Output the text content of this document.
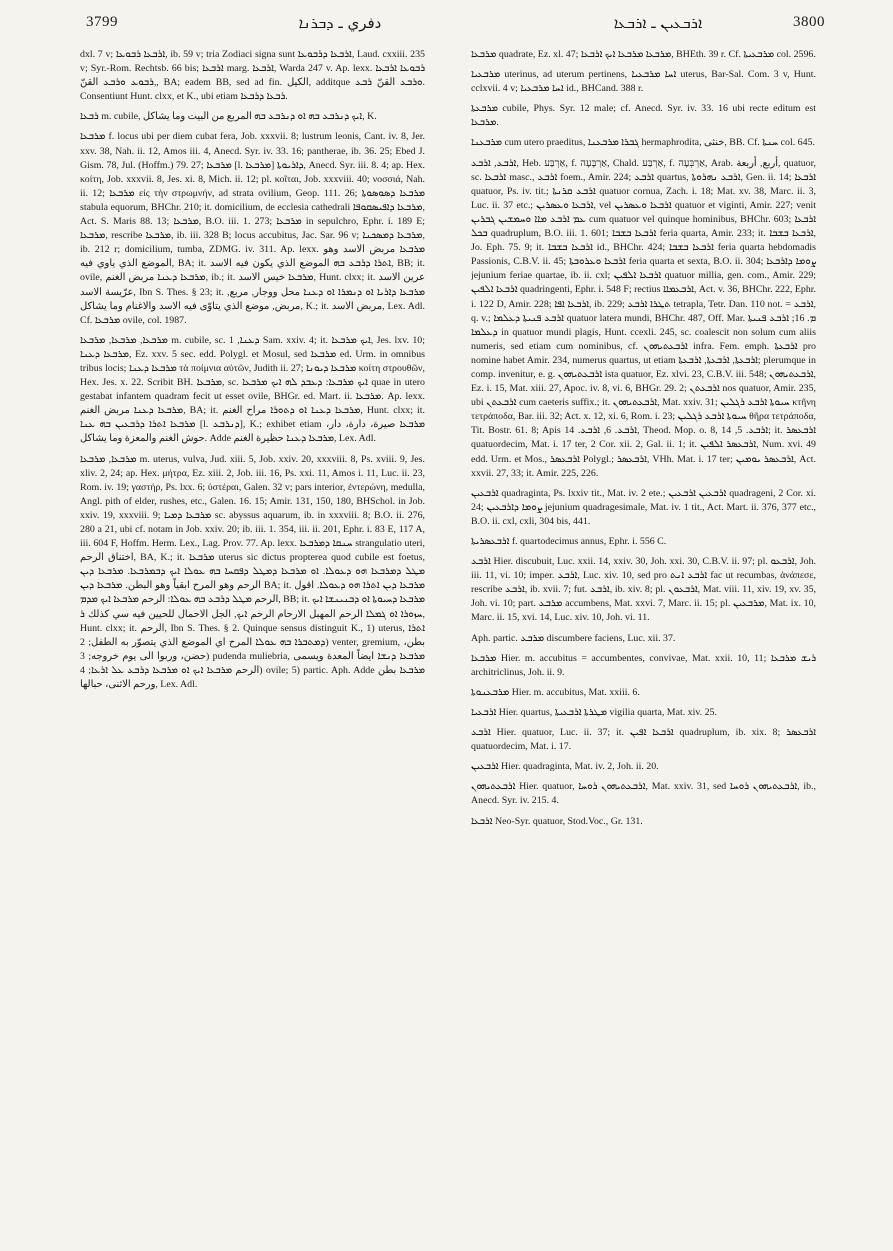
3799	دفري ـ ܕܒܪܢܐ	ܐܪܒܥܝܢ ـ ܐܪܒܥܐ	3800

dxl. 7 v; ܐܪܒܥܐ ܪܒܘܥܐ, ib. 59 v; tria Zodiaci signa sunt ܐܪܒܥܐ ܕܪܒܘܥܐ, Laud. cxxiii. 235 v; Syr.-Rom. Rechtsb. 66 bis; ܐܪܒܥܐ marg. ܐܪܒܥܐ, Warda 247 v. Ap. lexx. ܪܒܘܥܐ ܐܪܒܥܐ ,ܪܒܘܥ ܘܪܒܥ القنّ, BA; eadem BB, sed ad fin. الكيل, additque ܘܪܒܥ القنّ ܪܒܥ. Consentiunt Hunt. clxx, et K., ubi etiam ܪܒܥܐ ܕܪܒܥܐ.

ܪܒܥܐ m. cubile, ܐܝܟ ܕܢܪܒܥ ܒܗ ܐܘ ܕܢܪܒܥ ܒܗ المربع من البيت وما يشاكل, K.

ܡܪܒܥܐ f. locus ubi per diem cubat fera, Job. xxxvii. 8; lustrum leonis, Cant. iv. 8, Jer. xxv. 38, Nah. ii. 12, Amos iii. 4, Anecd. Syr. iv. 33. 16; pantherae, ib. 36. 25; Ebed J. Gism. 78, Jul. (Hoffm.) 79. 27; ܡܪܒܥܐ [l. ܡܪܒܥܐ] ܕܐܪܝܘܬܐ, Anecd. Syr. iii. 8. 4; ap. Hex. κοίτη, Job. xxxvii. 8, Jes. xi. 8, Mich. ii. 12; pl. κοῖται, Job. xxxviii. 40; νοσσιά, Nah. ii. 12; ܡܪܒܥܐ εἰς τὴν στρωμνήν, ad strata ovilium, Geop. 111. 26; ܡܪܒܥܐ ܕܣܘܣܘܬܐ stabula equorum, BHChr. 210; it. domicilium, de ecclesia cathedrali ܡܪܒܥܐ ܕܐܦܝܣܩܘܦܐ, Act. S. Maris 88. 13; ܡܪܒܥܐ, B.O. iii. 1. 273; ܡܪܒܥܐ in sepulchro, Ephr. i. 189 E; ܡܪܒܥܐ, rescribe ܡܪܒܥܐ, ib. iii. 328 B; locus accubitus, Jac. Sar. 96 v; ܡܪܒܥܐ ܕܡܣܟܢܐ, ib. 212 r; domicilium, tumba, ZDMG. iv. 311. Ap. lexx. ܡܪܒܥܐ مربض الاسد وهو الموضع الذي ياوي فيه, BA; it. ܐܬܪܐ ܕܪܒܥ ܒܗ الموضع الذي يكون فيه الاسد, BB; it. ovile, ܡܪܒܥܐ ܕܥܢܐ مربض الغنم, ib.; it. ܡܪܒܥܐ خيس الاسد, Hunt. clxx; it. عرين الاسد عرّيسة الاسد, Ibn S. Thes. § 23; it. ܡܪܒܥܐ ܕܐܪܝܐ ܐܘ ܕܢܡܪܐ ܐܘ ܕܥܢܐ محل ووجار, مربع, مربض, موضع الذي يتاوّى فيه الاسد والاغنام وما يشاكل, K.; it. مربض الاسد, Lex. Adl. Cf. ܡܪܒܥܐ ovile, col. 1987.

ܡܪܒܥܐ, ܡܪܒܥܐ, ܡܪܒܥܐ m. cubile, sc. ܕܥܢܐ, 1 Sam. xxiv. 4; it. ܐܝܟ ܡܪܒܥܐ, Jes. lxv. 10; ܡܪܒܥܐ ܕܥܢܐ, Ez. xxv. 5 sec. edd. Polygl. et Mosul, sed ܡܪܒܥܐ ed. Urm. in omnibus tribus locis; ܡܪܒܥܐ ܕܥܢܐ τὰ ποίμνια αὐτῶν, Judith ii. 27; ܡܪܒܥܐ ܕܝܘܢܐ κοίτη στρουθῶν, Hex. Jes. x. 22. Scribit BH. ܡܪܒܥܐ, sc. ܐܝܟ ܡܪܒܥܐ: ܕܥܒܕ ܠܗ ܐܝܟ ܡܪܒܥܐ quae in utero gestabat infantem quadram fecit ut esset ovile, BHGr. ed. Mart. ii. ܡܪܒܥܐ. Ap. lexx. ܡܪܒܥܐ ܕܥܢܐ مربض الغنم, BA; it. ܡܪܒܥܐ ܕܥܢܐ ܐܘ ܕܬܘܪܐ مراح الغنم, Hunt. clxx; it. ܡܪܒܥܐ ܐܬܪܐ ܕܪܒܥܝܢ ܒܗ ܥܢܐ [l. ܕܢܪܒܥ], K.; exhibet etiam ܡܪܒܥܐ صيرة، دارة، دار، حوش الغنم والمعزة وما يشاكل. Adde ܡܪܒܥܐ ܕܥܢܐ حظيرة الغنم, Lex. Adl.

ܡܪܒܥܐ, ܡܪܒܥܐ m. uterus, vulva, Jud. xiii. 5, Job. xxiv. 20, xxxviii. 8, Ps. xviii. 9, Jes. xliv. 2, 24; ap. Hex. μήτρα, Ez. xiii. 2, Job. iii. 16, Ps. xxi. 11, Amos i. 11, Luc. ii. 23, Rom. iv. 19; γαστήρ, Ps. lxx. 6; ὑστέραι, Galen. 32 v; pars interior, ἐντερώνη, medulla, Angl. pith of elder, rushes, etc., Galen. 16. 15; Amir. 131, 150, 180, BHSchol. in Job. xxiv. 19, xxxviii. 9; ܡܪܒܥܐ ܕܡܝܐ sc. abyssus aquarum, ib. in xxxviii. 8; B.O. ii. 276, 280 a 21, ubi cf. notam in Job. xxiv. 20; ib. iii. 1. 354, iii. ii. 201, Ephr. i. 83 E, 117 A, iii. 604 F, Hoffm. Herm. Lex., Lag. Prov. 77. Ap. lexx. ܚܢܩܐ ܕܡܪܒܥܐ strangulatio uteri, اختناق الرحم, BA, K.; it. ܡܪܒܥܐ uterus sic dictus propterea quod cubile est foetus, ܡܛܠ ܕܡܪܒܥܐ ܗܘ ܕܥܘܠܐ. ܐܘ ܡܪܒܥܐ ܕܡܛܠ ܕܦܩܚܐ ܒܗ ܥܘܠܐ ܐܝܟ ܕܒܡܪܒܥܐ. ܡܪܒܥܐ ܕܝܢ الرحم وهو المرح ابقياً وهو البطن. ܡܪܒܥܐ ܕܝܢ BA; it. ܡܪܒܥܐ ܕܝܢ ܐܬܪܐ ܗܘ ܕܥܘܠܐ. اقول الرحم ܡܛܠ ܕܪܒܥ ܒܗ ܥܘܠܐ: الرحم ܡܪܒܥܐ ܐܝܟ ܡܕܡ, BB; it. ܡܪܒܥܐ ܕܚܝܘܬܐ ܐܘ ܕܒܢܝܢܫܐ ܐܝܟ ܚܙܘܪܐ ܐܘ ܓܡܠܐ الرحم المهبل الارحام الرحم ܐܝܟ, الجل الاحمال للحيين فيه سي كذلك ܪ, Hunt. clxx; it. الرحم, Ibn S. Thes. § 2. Quinque sensus distinguit K., 1) uterus, ܐܬܪܐ ܕܡܬܒܪܐ ܒܗ ܥܘܠܐ المرح اي الموضع الذي يتصوّر به الطفل; 2) venter, gremium, بطن، حضن، وربوا الى يوم خروجه; 3) pudenda muliebria, ܡܪܒܥܐ ܕܢܫܐ ايضاً المعدة ويسمى الرحم ܡܪܒܥܐ ܐܝܟ ܐܘ ܡܪܒܥܐ ܕܪܒܥ ܥܠ ܐܪܥܐ; 4) ovile; 5) partic. Aph. Adde ܡܪܒܥܐ بطن ورحم الاثنى، حبالها, Lex. Adl.

ܡܪܒܥܐ quadrate, Ez. xl. 47; ܡܪܒܥܐ ܡܪܒܥܐ ܐܝܟ ܐܪܒܥܐ, BHEth. 39 r. Cf. ܡܪܒܥܝܬܐ col. 2596.

ܡܪܒܥܝܐ uterinus, ad uterum pertinens, ܐܚܐ ܡܪܒܥܝܐ uterus, Bar-Sal. Com. 3 v, Hunt. cclxvii. 4 v; ܐܚܐ ܡܪܒܥܝܐ id., BHCand. 388 r.

ܡܪܒܥܬܐ cubile, Phys. Syr. 12 male; cf. Anecd. Syr. iv. 33. 16 ubi recte editum est ܡܪܒܥܐ.

ܡܪܒܥܢܐ cum utero praeditus, ܓܒܪܐ ܡܪܒܥܢܐ hermaphrodita, خنثى, BB. Cf. ܚܢܬܐ col. 645.

ܐܪܒܥ, ܐܪܒܥ, Heb. אַרְבַּע, f. אַרְבָּעָה, Chald. אַרְבַּע, f. אַרְבְּעָה, Arab. أربع, أربعة, quatuor, sc. ܐܪܒܥܐ masc., ܐܪܒܥ foem., Amir. 224; ܐܪܒܥ quartus, ܐܪܒܥ ܢܗܪܘܬܐ, Gen. ii. 14; ܐܪܒܥܐ quatuor, Ps. iv. tit.; ܐܪܒܥ ܩܪܢܬܐ quatuor cornua, Zach. i. 18; Mat. xv. 38, Marc. ii. 3, Luc. ii. 37 etc.; ܐܪܒܥܐ ܘܥܣܪܝܢ, vel ܐܪܒܥܐ ܘܥܣܪܝܢ quatuor et viginti, Amir. 227; venit ܥܡ ܐܪܒܥ ܡܐܐ ܘܚܡܫܝܢ ܓܒܪܝܢ cum quatuor vel quinque hominibus, BHChr. 603; ܐܪܒܥܐ ܒܟܠ quadruplum, B.O. iii. 1. 601; ܐܪܒܥܐ ܒܫܒܐ feria quarta, Amir. 233; it. ܐܪܒܥܐ ܒܫܒܐ, Jo. Eph. 75. 9; it. ܐܪܒܥܐ ܒܫܒܐ id., BHChr. 424; ܐܪܒܥܐ ܒܫܒܐ feria quarta hebdomadis Passionis, C.B.V. ii. 45; ܐܪܒܥܐ ܘܥܪܘܒܬܐ feria quarta et sexta, B.O. ii. 304; ܨܘܡܐ ܕܐܪܒܥܐ jejunium feriae quartae, ib. ii. cxl; ܐܪܒܥܐ ܐܠܦܝܢ quatuor millia, gen. com., Amir. 229; ܐܪܒܥܐ ܐܠܦܝܢ quadringenti, Ephr. i. 548 F; rectius ܐܪܒܥܡܐܐ, Act. v. 36, BHChr. 222, Ephr. i. 122 D, Amir. 228; ܐܪܒܥܐ ܐܦܐ, ib. 229; ܬܛܪܐ ܐܪܒܥ tetrapla, Tetr. Dan. 110 not. = ܐܪܒܥ, q. v.; ܐܪܒܥ ܦܢܝܬܐ ܕܥܠܡܐ quatuor latera mundi, BHChr. 487, Off. Mar. ܡ. 16; ܐܪܒܥ ܦܢܝܬܐ ܕܥܠܡܐ in quatuor mundi plagis, Hunt. ccexli. 245, sc. coalescit non solum cum aliis numeris, sed etiam cum nominibus, cf. ܐܪܒܥܬܝܗܘܢ infra. Fem. emph. ܐܪܒܥܬܐ pro nomine habet Amir. 234, numerus quartus, ut etiam ܐܪܒܥܬܐ, ܐܪܒܥܬܐ, ܐܪܒܥܬܐ; plerumque in comp. invenitur, e. g. ܐܪܒܥܬܝܗܘܢ ista quatuor, Ez. xlvi. 23, C.B.V. iii. 548; ܐܪܒܥܬܝܗܘܢ, Ez. i. 15, Mat. xiii. 27, Apoc. iv. 8, vi. 6, BHGr. 29. 2; ܐܪܒܥܬܢ nos quatuor, Amir. 235, ubi ܐܪܒܥܬܢ cum caeteris suffix.; it. ܐܪܒܥܬܝܗܘܢ, Mat. xxiv. 31; ܚܝܘܬܐ ܐܪܒܥ ܪܓܠܝܢ κτῆνη τετράποδα, Bar. iii. 32; Act. x. 12, xi. 6, Rom. i. 23; ܚܝܘܬܐ ܐܪܒܥ ܪܓܠܝܢ θῆρα τετράποδα, Tit. Bostr. 61. 8; Apis ܐܪܒܥ. 6, ܐܪܒܥ. 14, Theod. Mop. o. 8, ܐܪܒܥ. 5, 14; it. ܐܪܒܥܣܪ quatuordecim, Mat. i. 17 ter, 2 Cor. xii. 2, Gal. ii. 1; it. ܐܪܒܥܣܪ ܐܠܦܝܢ, Num. xvi. 49 edd. Urm. et Mos., ܐܪܒܥܣܪ Polygl.; ܐܪܒܥܣܪ, VHh. Mat. i. 17 ter; ܐܪܒܥܣܪ ܝܘܡܝܢ, Act. xxvii. 27, 33; it. Amir. 225, 226.

ܐܪܒܥܝܢ quadraginta, Ps. lxxiv tit., Mat. iv. 2 ete.; ܐܪܒܥܝܢ ܐܪܒܥܝܢ quadrageni, 2 Cor. xi. 24; ܨܘܡܐ ܕܐܪܒܥܝܢ jejunium quadragesimale, Mat. iv. 1 tit., Act. Mart. ii. 376, 377 etc., B.O. ii. cxl, cxli, 304 bis, 441.

ܐܪܒܥܣܪܝܬܐ f. quartodecimus annus, Ephr. i. 556 C.

ܐܪܒܥ Hier. discubuit, Luc. xxii. 14, xxiv. 30, Joh. xxi. 30, C.B.V. ii. 97; pl. ܐܪܒܥܘ, Joh. iii. 11, vi. 10; imper. ܐܪܒܥ, Luc. xiv. 10, sed pro ܐܪܒܥ ܐܢܬ fac ut recumbas, ἀνάπεσε, rescribe ܐܪܒܥ, ib. xvii. 7; fut. ܐܪܒܥ, ib. xiv. 8; pl. ܐܪܒܥܘܢ, Mat. viii. 11, xiv. 19, xv. 35, Joh. vi. 10; part. ܡܪܒܥ accumbens, Mat. xxvi. 7, Marc. ii. 15; pl. ܡܪܒܥܝܢ, Mat. ix. 10, Marc. ii. 15, xvi. 14, Luc. xiv. 10, Joh. vi. 11.

Aph. partic. ܡܪܒܥ discumbere faciens, Luc. xii. 37.

ܡܪܒܥܐ Hier. m. accubitus = accumbentes, convivae, Mat. xxii. 10, 11; ܪܝܫ ܡܪܒܥܐ architriclinus, Joh. ii. 9.

ܡܪܒܥܢܘܬܐ Hier. m. accubitus, Mat. xxiii. 6.

ܐܪܒܥܝܐ Hier. quartus, ܡܛܪܬܐ ܐܪܒܥܝܬܐ vigilia quarta, Mat. xiv. 25.

ܐܪܒܥ Hier. quatuor, Luc. ii. 37; it. ܐܪܒܥܐ ܐܦܝܢ quadruplum, ib. xix. 8; ܐܪܒܥܣܪ quatuordecim, Mat. i. 17.

ܐܪܒܥܝܢ Hier. quadraginta, Mat. iv. 2, Joh. ii. 20.

ܐܪܒܥܬܝܗܘܢ Hier. quatuor, ܐܪܒܥܬܝܗܘܢ ܪܘܚܐ, Mat. xxiv. 31, sed ܐܪܒܥܬܝܗܘܢ ܪܘܚܐ, ib., Anecd. Syr. iv. 215. 4.

ܐܪܒܥܐ Neo-Syr. quatuor, Stod.Voc., Gr. 131.
